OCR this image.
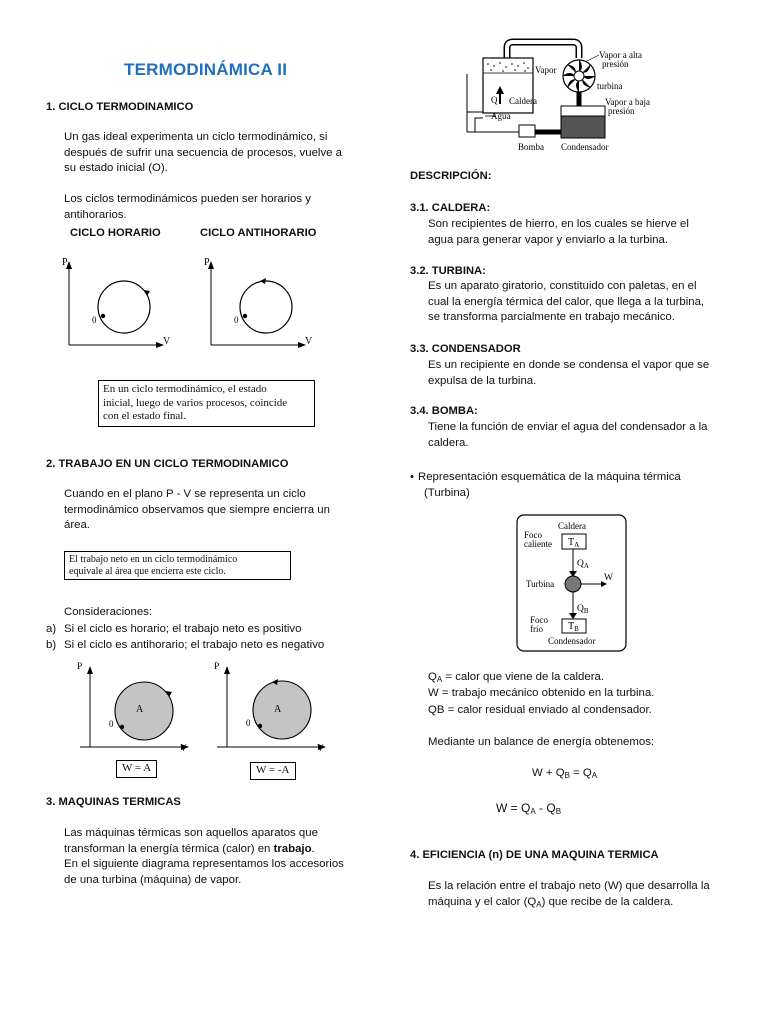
TERMODINÁMICA II
1. CICLO TERMODINAMICO
Un gas ideal experimenta un ciclo termodinámico, si
después de sufrir una secuencia de procesos, vuelve a
su estado inicial (O).
Los ciclos termodinámicos pueden ser horarios y
antihorarios.
CICLO HORARIO	CICLO ANTIHORARIO
P
V
0
P
V
0
En un ciclo termodinámico, el estado
inicial, luego de varios procesos, coincide
con el estado final.
2. TRABAJO EN UN CICLO TERMODINAMICO
Cuando en el plano P - V se representa un ciclo
termodinámico observamos que siempre encierra un
área.
El trabajo neto en un ciclo termodinámico
equivale al área que encierra este ciclo.
Consideraciones:
a) Si el ciclo es horario; el trabajo neto es positivo
b) Si el ciclo es antihorario; el trabajo neto es negativo
P
V
0
A
P
V
0
A
W = A	W = -A
3. MAQUINAS TERMICAS
Las máquinas térmicas son aquellos aparatos que
transforman la energía térmica (calor) en trabajo.
En el siguiente diagrama representamos los accesorios
de una turbina (máquina) de vapor.
Vapor a alta
presión
Vapor
turbina
Q Caldera
Agua
Vapor a baja
presión
Bomba Condensador
DESCRIPCIÓN:
3.1. CALDERA:
Son recipientes de hierro, en los cuales se hierve el
agua para generar vapor y enviarlo a la turbina.
3.2. TURBINA:
Es un aparato giratorio, constituido con paletas, en el
cual la energía térmica del calor, que llega a la turbina,
se transforma parcialmente en trabajo mecánico.
3.3. CONDENSADOR
Es un recipiente en donde se condensa el vapor que se
expulsa de la turbina.
3.4. BOMBA:
Tiene la función de enviar el agua del condensador a la
caldera.
• Representación esquemática de la máquina térmica
(Turbina)
Caldera
Foco
caliente $T_A$
$Q_A$
W
Turbina
$Q_B$
Foco
frío	$T_B$
Condensador
$Q_A$ = calor que viene de la caldera.
W = trabajo mecánico obtenido en la turbina.
QB = calor residual enviado al condensador.
Mediante un balance de energía obtenemos:
$W + Q_B = Q_A$
$W = Q_A - Q_B$
4. EFICIENCIA (n) DE UNA MAQUINA TERMICA
Es la relación entre el trabajo neto (W) que desarrolla la
máquina y el calor $(Q_A)$ que recibe de la caldera.
